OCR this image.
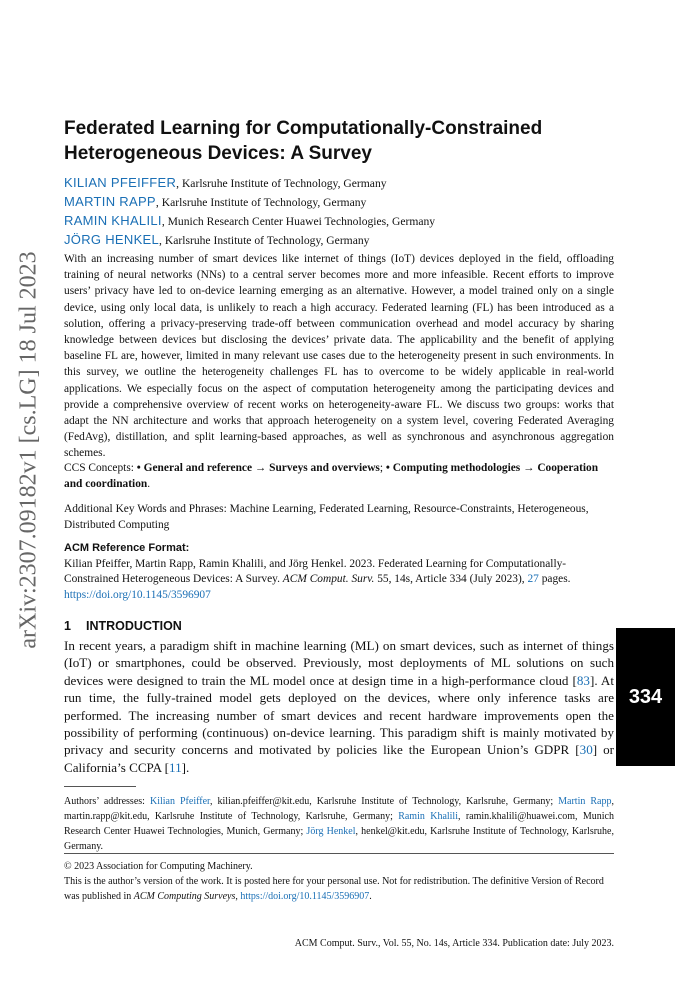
arXiv:2307.09182v1 [cs.LG] 18 Jul 2023
334
Federated Learning for Computationally-Constrained
Heterogeneous Devices: A Survey
KILIAN PFEIFFER, Karlsruhe Institute of Technology, Germany
MARTIN RAPP, Karlsruhe Institute of Technology, Germany
RAMIN KHALILI, Munich Research Center Huawei Technologies, Germany
JÖRG HENKEL, Karlsruhe Institute of Technology, Germany

With an increasing number of smart devices like internet of things (IoT) devices deployed in the field, offloading training of neural networks (NNs) to a central server becomes more and more infeasible. Recent efforts to improve users’ privacy have led to on-device learning emerging as an alternative. However, a model trained only on a single device, using only local data, is unlikely to reach a high accuracy. Federated learning (FL) has been introduced as a solution, offering a privacy-preserving trade-off between communication overhead and model accuracy by sharing knowledge between devices but disclosing the devices’ private data. The applicability and the benefit of applying baseline FL are, however, limited in many relevant use cases due to the heterogeneity present in such environments. In this survey, we outline the heterogeneity challenges FL has to overcome to be widely applicable in real-world applications. We especially focus on the aspect of computation heterogeneity among the participating devices and provide a comprehensive overview of recent works on heterogeneity-aware FL. We discuss two groups: works that adapt the NN architecture and works that approach heterogeneity on a system level, covering Federated Averaging (FedAvg), distillation, and split learning-based approaches, as well as synchronous and asynchronous aggregation schemes.

CCS Concepts: • General and reference → Surveys and overviews; • Computing methodologies → Cooperation and coordination.

Additional Key Words and Phrases: Machine Learning, Federated Learning, Resource-Constraints, Heterogeneous, Distributed Computing

ACM Reference Format:
Kilian Pfeiffer, Martin Rapp, Ramin Khalili, and Jörg Henkel. 2023. Federated Learning for Computationally-Constrained Heterogeneous Devices: A Survey. ACM Comput. Surv. 55, 14s, Article 334 (July 2023), 27 pages.
https://doi.org/10.1145/3596907
1 INTRODUCTION

In recent years, a paradigm shift in machine learning (ML) on smart devices, such as internet of things (IoT) or smartphones, could be observed. Previously, most deployments of ML solutions on such devices were designed to train the ML model once at design time in a high-performance cloud [83]. At run time, the fully-trained model gets deployed on the devices, where only inference tasks are performed. The increasing number of smart devices and recent hardware improvements open the possibility of performing (continuous) on-device learning. This paradigm shift is mainly motivated by privacy and security concerns and motivated by policies like the European Union’s GDPR [30] or California’s CCPA [11].

Authors’ addresses: Kilian Pfeiffer, kilian.pfeiffer@kit.edu, Karlsruhe Institute of Technology, Karlsruhe, Germany; Martin Rapp, martin.rapp@kit.edu, Karlsruhe Institute of Technology, Karlsruhe, Germany; Ramin Khalili, ramin.khalili@huawei.com, Munich Research Center Huawei Technologies, Munich, Germany; Jörg Henkel, henkel@kit.edu, Karlsruhe Institute of Technology, Karlsruhe, Germany.

© 2023 Association for Computing Machinery.
This is the author’s version of the work. It is posted here for your personal use. Not for redistribution. The definitive Version of Record was published in ACM Computing Surveys, https://doi.org/10.1145/3596907.

ACM Comput. Surv., Vol. 55, No. 14s, Article 334. Publication date: July 2023.
